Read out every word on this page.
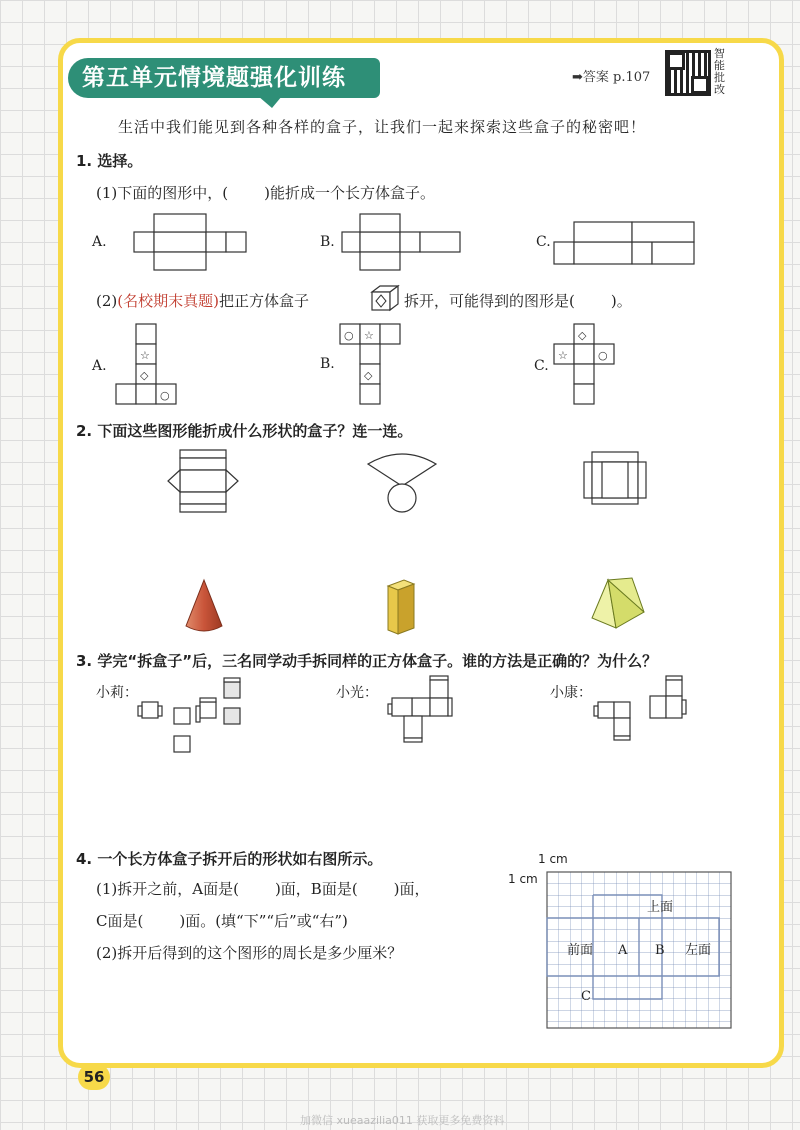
第五单元情境题强化训练	➡答案 p.107
智能批改
生活中我们能见到各种各样的盒子，让我们一起来探索这些盒子的秘密吧！
1. 选择。
(1)下面的图形中，( )能折成一个长方体盒子。
A.	B.	C.
(2)(名校期末真题)把正方体盒子	拆开，可能得到的图形是( )。
A.
☆
◇
○
B.
○ ☆
◇
C.
◇
☆	○
2. 下面这些图形能折成什么形状的盒子？连一连。
3. 学完“拆盒子”后，三名同学动手拆同样的正方体盒子。谁的方法是正确的？为什么？
小莉：	小光：	小康：
4. 一个长方体盒子拆开后的形状如右图所示。
(1)拆开之前，A面是( )面，B面是( )面，
C面是( )面。(填“下”“后”或“右”)
(2)拆开后得到的这个图形的周长是多少厘米？
1 cm
1 cm
上面
前面 A B 左面
C
56
加微信 xueaazilia011 获取更多免费资料
